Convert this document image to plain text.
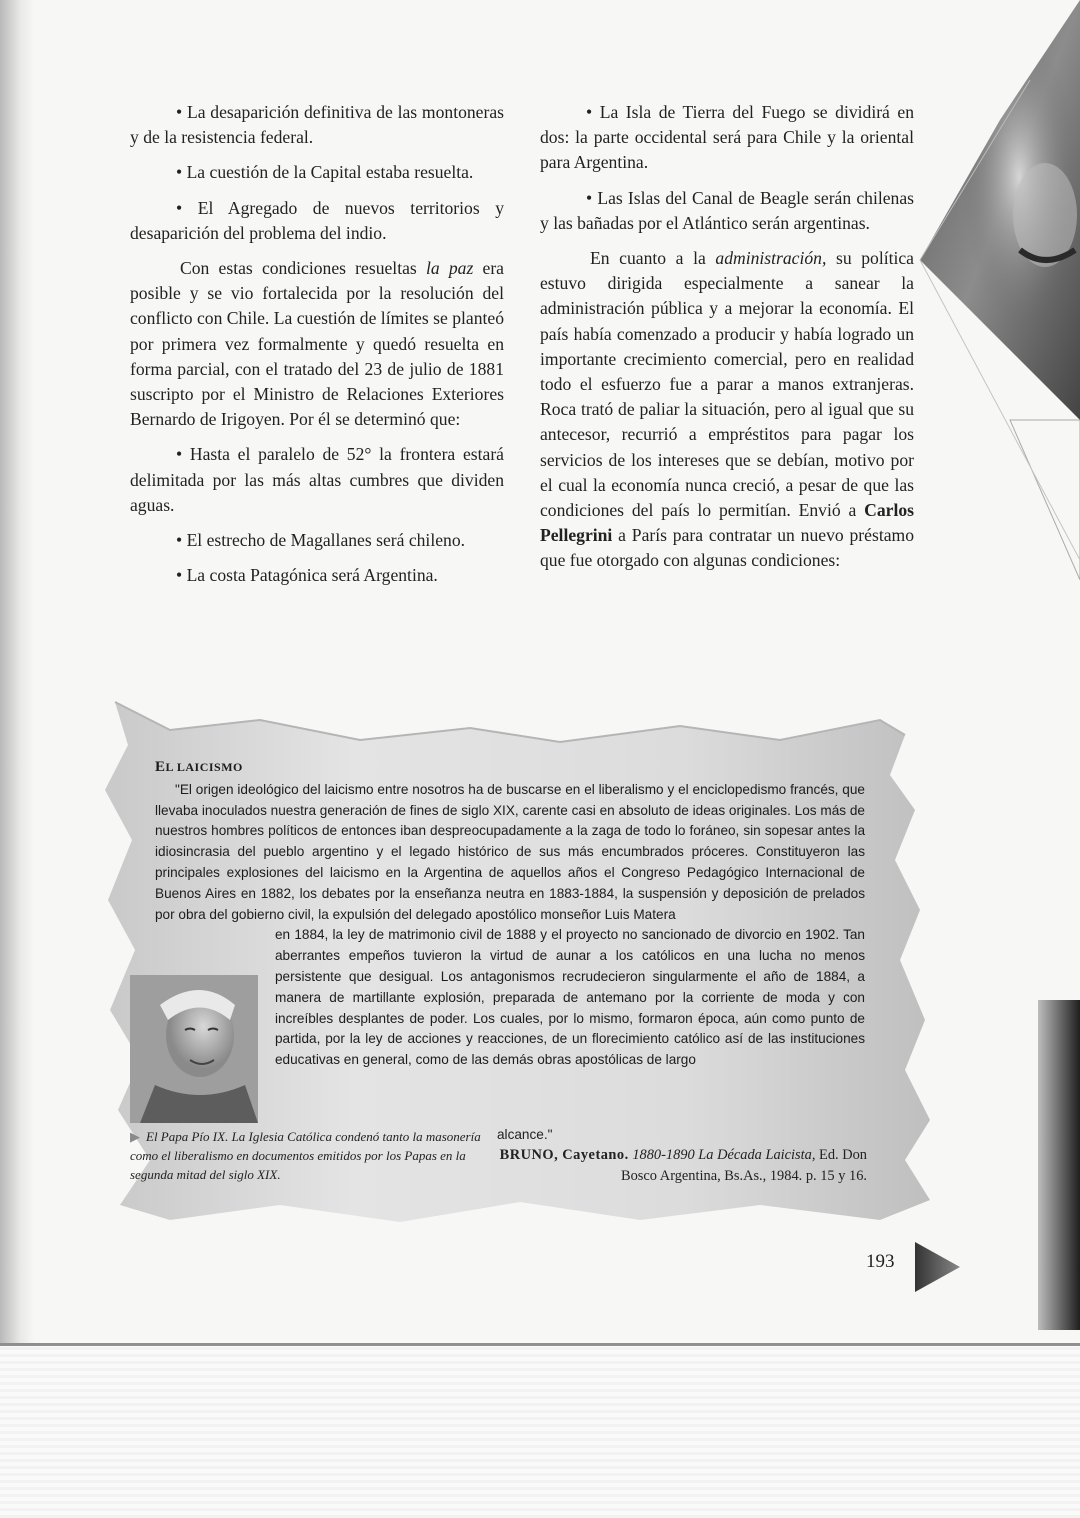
• La desaparición definitiva de las montoneras y de la resistencia federal.

• La cuestión de la Capital estaba resuelta.

• El Agregado de nuevos territorios y desaparición del problema del indio.

Con estas condiciones resueltas la paz era posible y se vio fortalecida por la resolución del conflicto con Chile. La cuestión de límites se planteó por primera vez formalmente y quedó resuelta en forma parcial, con el tratado del 23 de julio de 1881 suscripto por el Ministro de Relaciones Exteriores Bernardo de Irigoyen. Por él se determinó que:

• Hasta el paralelo de 52° la frontera estará delimitada por las más altas cumbres que dividen aguas.

• El estrecho de Magallanes será chileno.

• La costa Patagónica será Argentina.

• La Isla de Tierra del Fuego se dividirá en dos: la parte occidental será para Chile y la oriental para Argentina.

• Las Islas del Canal de Beagle serán chilenas y las bañadas por el Atlántico serán argentinas.

En cuanto a la administración, su política estuvo dirigida especialmente a sanear la administración pública y a mejorar la economía. El país había comenzado a producir y había logrado un importante crecimiento comercial, pero en realidad todo el esfuerzo fue a parar a manos extranjeras. Roca trató de paliar la situación, pero al igual que su antecesor, recurrió a empréstitos para pagar los servicios de los intereses que se debían, motivo por el cual la economía nunca creció, a pesar de que las condiciones del país lo permitían. Envió a Carlos Pellegrini a París para contratar un nuevo préstamo que fue otorgado con algunas condiciones:

EL LAICISMO

"El origen ideológico del laicismo entre nosotros ha de buscarse en el liberalismo y el enciclopedismo francés, que llevaba inoculados nuestra generación de fines de siglo XIX, carente casi en absoluto de ideas originales. Los más de nuestros hombres políticos de entonces iban despreocupadamente a la zaga de todo lo foráneo, sin sopesar antes la idiosincrasia del pueblo argentino y el legado histórico de sus más encumbrados próceres. Constituyeron las principales explosiones del laicismo en la Argentina de aquellos años el Congreso Pedagógico Internacional de Buenos Aires en 1882, los debates por la enseñanza neutra en 1883-1884, la suspensión y deposición de prelados por obra del gobierno civil, la expulsión del delegado apostólico monseñor Luis Matera

en 1884, la ley de matrimonio civil de 1888 y el proyecto no sancionado de divorcio en 1902. Tan aberrantes empeños tuvieron la virtud de aunar a los católicos en una lucha no menos persistente que desigual. Los antagonismos recrudecieron singularmente el año de 1884, a manera de martillante explosión, preparada de antemano por la corriente de moda y con increíbles desplantes de poder. Los cuales, por lo mismo, formaron época, aún como punto de partida, por la ley de acciones y reacciones, de un florecimiento católico así de las instituciones educativas en general, como de las demás obras apostólicas de largo

▶ El Papa Pío IX. La Iglesia Católica condenó tanto la masonería como el liberalismo en documentos emitidos por los Papas en la segunda mitad del siglo XIX.
alcance."
BRUNO, Cayetano. 1880-1890 La Década Laicista, Ed. Don Bosco Argentina, Bs.As., 1984. p. 15 y 16.
193
